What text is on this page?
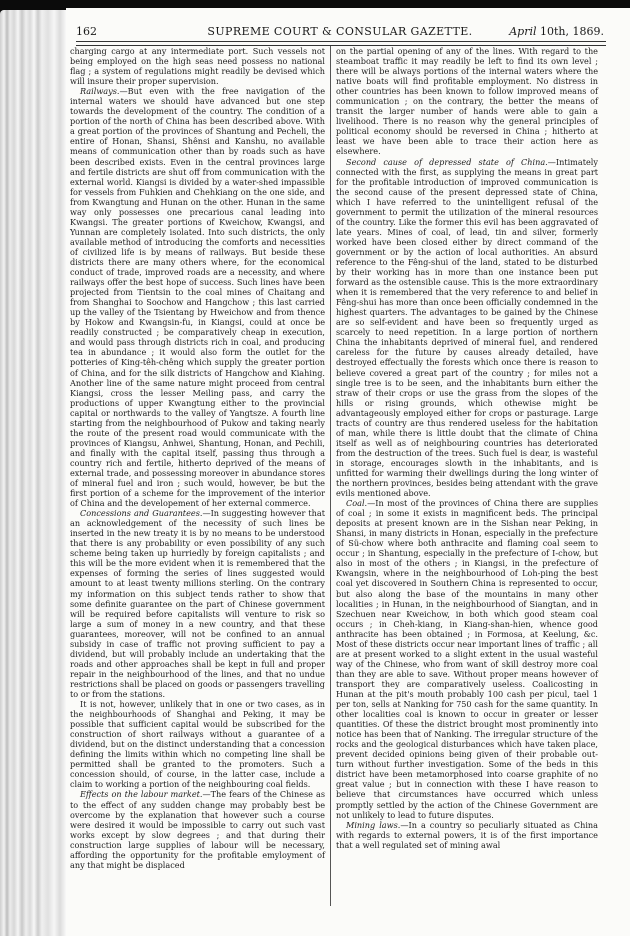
162	SUPREME COURT & CONSULAR GAZETTE.	April 10th, 1869.

charging cargo at any intermediate port. Such vessels not being employed on the high seas need possess no national flag ; a system of regulations might readily be devised which will insure their proper supervision.

Railways.—But even with the free navigation of the internal waters we should have advanced but one step towards the development of the country. The condition of a portion of the north of China has been described above. With a great portion of the provinces of Shantung and Pecheli, the entire of Honan, Shansi, Shênsi and Kanshu, no available means of communication other than by roads such as have been described exists. Even in the central provinces large and fertile districts are shut off from communication with the external world. Kiangsi is divided by a water-shed impassible for vessels from Fuhkien and Chehkiang on the one side, and from Kwangtung and Hunan on the other. Hunan in the same way only possesses one precarious canal leading into Kwangsi. The greater portions of Kweichow, Kwangsi, and Yunnan are completely isolated. Into such districts, the only available method of introducing the comforts and necessities of civilized life is by means of railways. But beside these districts there are many others where, for the economical conduct of trade, improved roads are a necessity, and where railways offer the best hope of success. Such lines have been projected from Tientsin to the coal mines of Chaitang and from Shanghai to Soochow and Hangchow ; this last carried up the valley of the Tsientang by Hweichow and from thence by Hokow and Kwangsin-fu, in Kiangsi, could at once be readily constructed ; be comparatively cheap in execution, and would pass through districts rich in coal, and producing tea in abundance ; it would also form the outlet for the potteries of King-têh-chêng which supply the greater portion of China, and for the silk districts of Hangchow and Kiahing. Another line of the same nature might proceed from central Kiangsi, cross the lesser Meiling pass, and carry the productions of upper Kwangtung either to the provincial capital or northwards to the valley of Yangtsze. A fourth line starting from the neighbourhood of Pukow and taking nearly the route of the present road would communicate with the provinces of Kiangsu, Anhwei, Shantung, Honan, and Pechili, and finally with the capital itself, passing thus through a country rich and fertile, hitherto deprived of the means of external trade, and possessing moreover in abundance stores of mineral fuel and iron ; such would, however, be but the first portion of a scheme for the improvement of the interior of China and the developement of her external commerce.

Concessions and Guarantees.—In suggesting however that an acknowledgement of the necessity of such lines be inserted in the new treaty it is by no means to be understood that there is any probability or even possibility of any such scheme being taken up hurriedly by foreign capitalists ; and this will be the more evident when it is remembered that the expenses of forming the series of lines suggested would amount to at least twenty millions sterling. On the contrary my information on this subject tends rather to show that some definite guarantee on the part of Chinese government will be required before capitalists will venture to risk so large a sum of money in a new country, and that these guarantees, moreover, will not be confined to an annual subsidy in case of traffic not proving sufficient to pay a dividend, but will probably include an undertaking that the roads and other approaches shall be kept in full and proper repair in the neighbourhood of the lines, and that no undue restrictions shall be placed on goods or passengers travelling to or from the stations.

It is not, however, unlikely that in one or two cases, as in the neighbourhoods of Shanghai and Peking, it may be possible that sufficient capital would be subscribed for the construction of short railways without a guarantee of a dividend, but on the distinct understanding that a concession defining the limits within which no competing line shall be permitted shall be granted to the promoters. Such a concession should, of course, in the latter case, include a claim to working a portion of the neighbouring coal fields.

Effects on the labour market.—The fears of the Chinese as to the effect of any sudden change may probably best be overcome by the explanation that however such a course were desired it would be impossible to carry out such vast works except by slow degrees ; and that during their construction large supplies of labour will be necessary, affording the opportunity for the profitable emyloyment of any that might be displaced

on the partial opening of any of the lines. With regard to the steamboat traffic it may readily be left to find its own level ; there will be always portions of the internal waters where the native boats will find profitable employment. No distress in other countries has been known to follow improved means of communication ; on the contrary, the better the means of transit the larger number of hands were able to gain a livelihood. There is no reason why the general principles of political economy should be reversed in China ; hitherto at least we have been able to trace their action here as elsewhere.

Second cause of depressed state of China.—Intimately connected with the first, as supplying the means in great part for the profitable introduction of improved communication is the second cause of the present depressed state of China, which I have referred to the unintelligent refusal of the government to permit the utilization of the mineral resources of the country. Like the former this evil has been aggravated of late years. Mines of coal, of lead, tin and silver, formerly worked have been closed either by direct command of the government or by the action of local authorities. An absurd reference to the Fêng-shui of the land, stated to be disturbed by their working has in more than one instance been put forward as the ostensible cause. This is the more extraordinary when it is remembered that the very reference to and belief in Fêng-shui has more than once been officially condemned in the highest quarters. The advantages to be gained by the Chinese are so self-evident and have been so frequently urged as scarcely to need repetition. In a large portion of northern China the inhabitants deprived of mineral fuel, and rendered careless for the future by causes already detailed, have destroyed effectually the forests which once there is reason to believe covered a great part of the country ; for miles not a single tree is to be seen, and the inhabitants burn either the straw of their crops or use the grass from the slopes of the hills or rising grounds, which othewise might be advantageously employed either for crops or pasturage. Large tracts of country are thus rendered useless for the habitation of man, while there is little doubt that the climate of China itself as well as of neighbouring countries has deteriorated from the destruction of the trees. Such fuel is dear, is wasteful in storage, encourages slowth in the inhabitants, and is unfitted for warming their dwellings during the long winter of the northern provinces, besides being attendant with the grave evils mentioned above.

Coal.—In most of the provinces of China there are supplies of coal ; in some it exists in magnificent beds. The principal deposits at present known are in the Sishan near Peking, in Shansi, in many districts in Honan, especially in the prefecture of Sü-chow where both anthracite and flaming coal seem to occur ; in Shantung, especially in the prefecture of I-chow, but also in most of the others ; in Kiangsi, in the prefecture of Kwangsin, where in the neighbourhood of Loh-ping the best coal yet discovered in Southern China is represented to occur, but also along the base of the mountains in many other localities ; in Hunan, in the neighbourhood of Siangtan, and in Szechuen near Kweichow, in both which good steam coal occurs ; in Cheh-kiang, in Kiang-shan-hien, whence good anthracite has been obtained ; in Formosa, at Keelung, &c. Most of these districts occur near important lines of traffic ; all are at present worked to a slight extent in the usual wasteful way of the Chinese, who from want of skill destroy more coal than they are able to save. Without proper means however of transport they are comparatively useless. Coalicosting in Hunan at the pit's mouth probably 100 cash per picul, tael 1 per ton, sells at Nanking for 750 cash for the same quantity. In other localities coal is known to occur in greater or lesser quantities. Of these the district brought most prominently into notice has been that of Nanking. The irregular structure of the rocks and the geological disturbances which have taken place, prevent decided opinions being given of their probable out-turn without further investigation. Some of the beds in this district have been metamorphosed into coarse graphite of no great value ; but in connection with these I have reason to believe that circumstances have occurred which unless promptly settled by the action of the Chinese Government are not unlikely to lead to future disputes.

Mining laws.—In a country so peculiarly situated as China with regards to external powers, it is of the first importance that a well regulated set of mining awal
